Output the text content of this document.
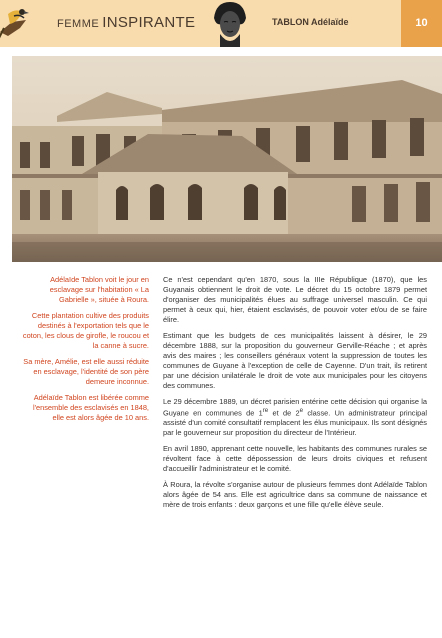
FEMME INSPIRANTE	TABLON Adélaïde	10

Adélaïde Tablon voit le jour en esclavage sur l'habitation « La Gabrielle », située à Roura.

Cette plantation cultive des produits destinés à l'exportation tels que le coton, les clous de girofle, le roucou et la canne à sucre.

Sa mère, Amélie, est elle aussi réduite en esclavage, l'identité de son père demeure inconnue.

Adélaïde Tablon est libérée comme l'ensemble des esclavisés en 1848, elle est alors âgée de 10 ans.

Ce n'est cependant qu'en 1870, sous la IIIe République (1870), que les Guyanais obtiennent le droit de vote. Le décret du 15 octobre 1879 permet d'organiser des municipalités élues au suffrage universel masculin. Ce qui permet à ceux qui, hier, étaient esclavisés, de pouvoir voter et/ou de se faire élire.

Estimant que les budgets de ces municipalités laissent à désirer, le 29 décembre 1888, sur la proposition du gouverneur Gerville-Réache ; et après avis des maires ; les conseillers généraux votent la suppression de toutes les communes de Guyane à l'exception de celle de Cayenne. D'un trait, ils retirent par une décision unilatérale le droit de vote aux municipales pour les citoyens des communes.

Le 29 décembre 1889, un décret parisien entérine cette décision qui organise la Guyane en communes de 1re et de 2e classe. Un administrateur principal assisté d'un comité consultatif remplacent les élus municipaux. Ils sont désignés par le gouverneur sur proposition du directeur de l'Intérieur.

En avril 1890, apprenant cette nouvelle, les habitants des communes rurales se révoltent face à cette dépossession de leurs droits civiques et refusent d'accueillir l'administrateur et le comité.

À Roura, la révolte s'organise autour de plusieurs femmes dont Adélaïde Tablon alors âgée de 54 ans. Elle est agricultrice dans sa commune de naissance et mère de trois enfants : deux garçons et une fille qu'elle élève seule.
